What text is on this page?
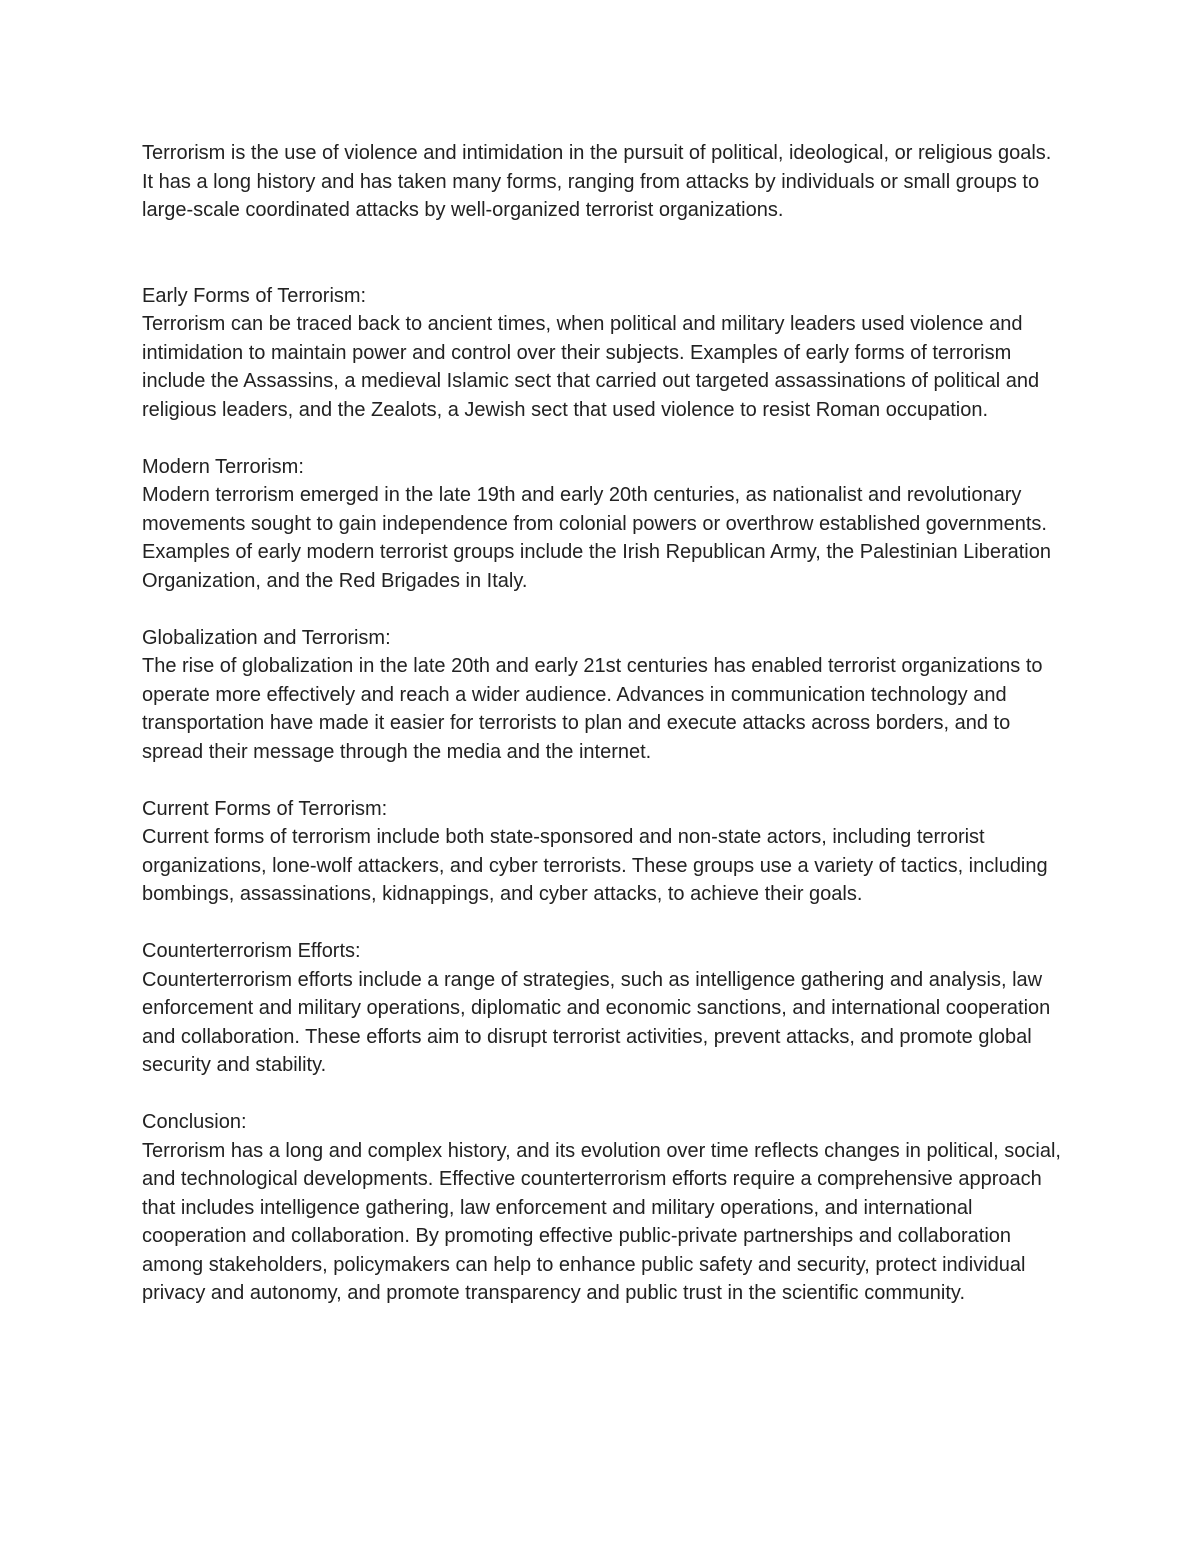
Terrorism is the use of violence and intimidation in the pursuit of political, ideological, or religious goals. It has a long history and has taken many forms, ranging from attacks by individuals or small groups to large-scale coordinated attacks by well-organized terrorist organizations.

Early Forms of Terrorism:

Terrorism can be traced back to ancient times, when political and military leaders used violence and intimidation to maintain power and control over their subjects. Examples of early forms of terrorism include the Assassins, a medieval Islamic sect that carried out targeted assassinations of political and religious leaders, and the Zealots, a Jewish sect that used violence to resist Roman occupation.

Modern Terrorism:

Modern terrorism emerged in the late 19th and early 20th centuries, as nationalist and revolutionary movements sought to gain independence from colonial powers or overthrow established governments. Examples of early modern terrorist groups include the Irish Republican Army, the Palestinian Liberation Organization, and the Red Brigades in Italy.

Globalization and Terrorism:

The rise of globalization in the late 20th and early 21st centuries has enabled terrorist organizations to operate more effectively and reach a wider audience. Advances in communication technology and transportation have made it easier for terrorists to plan and execute attacks across borders, and to spread their message through the media and the internet.

Current Forms of Terrorism:

Current forms of terrorism include both state-sponsored and non-state actors, including terrorist organizations, lone-wolf attackers, and cyber terrorists. These groups use a variety of tactics, including bombings, assassinations, kidnappings, and cyber attacks, to achieve their goals.

Counterterrorism Efforts:

Counterterrorism efforts include a range of strategies, such as intelligence gathering and analysis, law enforcement and military operations, diplomatic and economic sanctions, and international cooperation and collaboration. These efforts aim to disrupt terrorist activities, prevent attacks, and promote global security and stability.

Conclusion:

Terrorism has a long and complex history, and its evolution over time reflects changes in political, social, and technological developments. Effective counterterrorism efforts require a comprehensive approach that includes intelligence gathering, law enforcement and military operations, and international cooperation and collaboration. By promoting effective public-private partnerships and collaboration among stakeholders, policymakers can help to enhance public safety and security, protect individual privacy and autonomy, and promote transparency and public trust in the scientific community.
